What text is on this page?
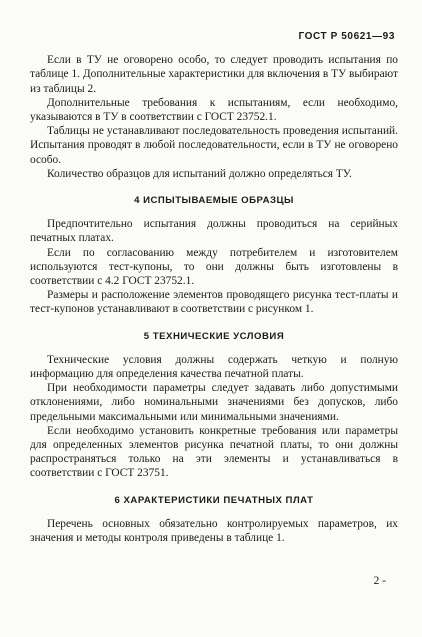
ГОСТ Р 50621—93

Если в ТУ не оговорено особо, то следует проводить испытания по таблице 1. Дополнительные характеристики для включения в ТУ выбирают из таблицы 2.

Дополнительные требования к испытаниям, если необходимо, указываются в ТУ в соответствии с ГОСТ 23752.1.

Таблицы не устанавливают последовательность проведения испытаний. Испытания проводят в любой последовательности, если в ТУ не оговорено особо.

Количество образцов для испытаний должно определяться ТУ.

4 ИСПЫТЫВАЕМЫЕ ОБРАЗЦЫ

Предпочтительно испытания должны проводиться на серийных печатных платах.

Если по согласованию между потребителем и изготовителем используются тест-купоны, то они должны быть изготовлены в соответствии с 4.2 ГОСТ 23752.1.

Размеры и расположение элементов проводящего рисунка тест-платы и тест-купонов устанавливают в соответствии с рисунком 1.

5 ТЕХНИЧЕСКИЕ УСЛОВИЯ

Технические условия должны содержать четкую и полную информацию для определения качества печатной платы.

При необходимости параметры следует задавать либо допустимыми отклонениями, либо номинальными значениями без допусков, либо предельными максимальными или минимальными значениями.

Если необходимо установить конкретные требования или параметры для определенных элементов рисунка печатной платы, то они должны распространяться только на эти элементы и устанавливаться в соответствии с ГОСТ 23751.

6 ХАРАКТЕРИСТИКИ ПЕЧАТНЫХ ПЛАТ

Перечень основных обязательно контролируемых параметров, их значения и методы контроля приведены в таблице 1.

2 -
